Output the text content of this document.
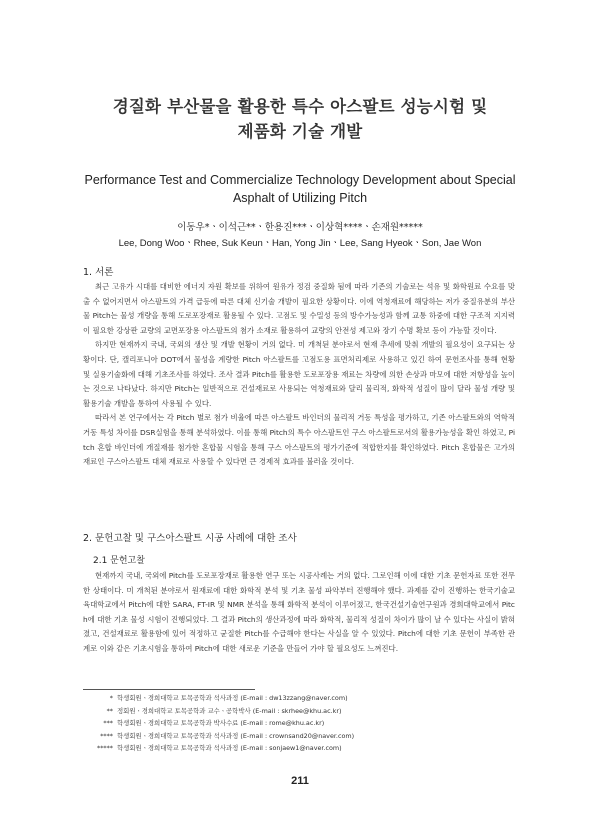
경질화 부산물을 활용한 특수 아스팔트 성능시험 및
제품화 기술 개발
Performance Test and Commercialize Technology Development about Special
Asphalt of Utilizing Pitch
이동우*ㆍ이석근**ㆍ한용진***ㆍ이상혁****ㆍ손재원*****
Lee, Dong WooㆍRhee, Suk KeunㆍHan, Yong JinㆍLee, Sang HyeokㆍSon, Jae Won
1. 서론

최근 고유가 시대를 대비한 에너지 자원 확보를 위하여 원유가 정검 중질화 됨에 따라 기존의 기술로는 석유 및 화학원료 수요를 맞출 수 없어지면서 아스팔트의 가격 급등에 따른 대체 신기술 개발이 필요한 상황이다. 이에 역청재료에 해당하는 저가 중질유분의 부산물 Pitch는 물성 개량을 통해 도로포장재로 활용될 수 있다. 고점도 및 수밀성 등의 방수가능성과 함께 교통 하중에 대한 구조적 지지력이 필요한 강상판 교량의 교면포장용 아스팔트의 첨가 소재로 활용하여 교량의 안전성 제고와 장기 수명 확보 등이 가능할 것이다.

하지만 현재까지 국내, 국외의 생산 및 개발 현황이 거의 없다. 미 개척된 분야로서 현재 추세에 맞춰 개발의 필요성이 요구되는 상황이다. 단, 캘리포니아 DOT에서 물성을 계량한 Pitch 아스팔트를 고점도용 표면처리제로 사용하고 있긴 하여 문헌조사를 통해 현황 및 실용기술화에 대해 기초조사를 하였다. 조사 결과 Pitch를 활용한 도로포장용 재료는 차량에 의한 손상과 마모에 대한 저항성을 높이는 것으로 나타났다. 하지만 Pitch는 일반적으로 건설재료로 사용되는 역청재료와 달리 물리적, 화학적 성질이 많이 달라 물성 개량 및 활용기술 개발을 통하여 사용될 수 있다.

따라서 본 연구에서는 각 Pitch 별로 첨가 비율에 따른 아스팔트 바인더의 물리적 거동 특성을 평가하고, 기존 아스팔트와의 역학적 거동 특성 차이를 DSR실험을 통해 분석하였다. 이를 통해 Pitch의 특수 아스팔트인 구스 아스팔트로서의 활용가능성을 확인 하였고, Pitch 혼합 바인더에 개질재를 첨가한 혼합물 시험을 통해 구스 아스팔트의 평가기준에 적합한지를 확인하였다. Pitch 혼합물은 고가의 재료인 구스아스팔트 대체 재료로 사용할 수 있다면 큰 경제적 효과를 불러올 것이다.

2. 문헌고찰 및 구스아스팔트 시공 사례에 대한 조사
2.1 문헌고찰

현재까지 국내, 국외에 Pitch를 도로포장재로 활용한 연구 또는 시공사례는 거의 없다. 그로인해 이에 대한 기초 문헌자료 또한 전무한 상태이다. 미 개척된 분야로서 원재료에 대한 화학적 분석 및 기초 물성 파악부터 진행해야 했다. 과제를 같이 진행하는 한국기술교육대학교에서 Pitch에 대한 SARA, FT-IR 및 NMR 분석을 통해 화학적 분석이 이루어졌고, 한국건설기술연구원과 경희대학교에서 Pitch에 대한 기초 물성 시험이 진행되었다. 그 결과 Pitch의 생산과정에 따라 화학적, 물리적 성질이 차이가 많이 날 수 있다는 사실이 밝혀졌고, 건설재료로 활용함에 있어 적정하고 균질한 Pitch를 수급해야 한다는 사실을 알 수 있었다. Pitch에 대한 기초 문헌이 부족한 관계로 이와 같은 기초시험을 통하여 Pitch에 대한 새로운 기준을 만들어 가야 할 필요성도 느껴진다.

* 학생회원ㆍ경희대학교 토목공학과 석사과정 (E-mail : dw13zzang@naver.com)
** 정회원ㆍ경희대학교 토목공학과 교수ㆍ공학박사 (E-mail : skrhee@khu.ac.kr)
*** 학생회원ㆍ경희대학교 토목공학과 박사수료 (E-mail : rome@khu.ac.kr)
**** 학생회원ㆍ경희대학교 토목공학과 석사과정 (E-mail : crownsand20@naver.com)
***** 학생회원ㆍ경희대학교 토목공학과 석사과정 (E-mail : sonjaew1@naver.com)
211
